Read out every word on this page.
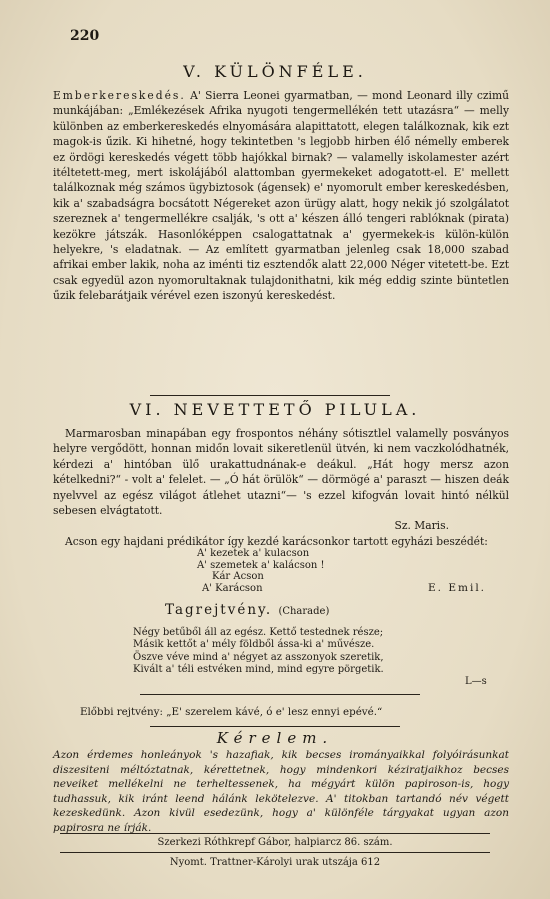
220
V. KÜLÖNFÉLE.

Emberkereskedés. A' Sierra Leonei gyarmatban, — mond Leonard illy czimű munkájában: „Emlékezések Afrika nyugoti tengermellékén tett utazásra“ — melly különben az emberkereskedés elnyomására alapittatott, elegen találkoznak, kik ezt magok-is űzik. Ki hihetné, hogy tekintetben 's legjobb hirben élő némelly emberek ez ördögi kereskedés végett több hajókkal birnak? — valamelly iskolamester azért itéltetett-meg, mert iskolájából alattomban gyermekeket adogatott-el. E' mellett találkoznak még számos ügybiztosok (ágensek) e' nyomorult ember kereskedésben, kik a' szabadságra bocsátott Négereket azon ürügy alatt, hogy nekik jó szolgálatot szereznek a' tengermellékre csalják, 's ott a' készen álló tengeri rablóknak (pirata) kezökre játszák. Hasonlóképpen csalogattatnak a' gyermekek-is külön-külön helyekre, 's eladatnak. — Az említett gyarmatban jelenleg csak 18,000 szabad afrikai ember lakik, noha az iménti tiz esztendők alatt 22,000 Néger vitetett-be. Ezt csak egyedül azon nyomorultaknak tulajdonithatni, kik még eddig szinte büntetlen űzik felebarátjaik vérével ezen iszonyú kereskedést.

VI. NEVETTETŐ PILULA.

Marmarosban minapában egy frospontos néhány sótisztlel valamelly posványos helyre vergődött, honnan midőn lovait sikeretlenül ütvén, ki nem vaczkolódhatnék, kérdezi a' hintóban ülő urakattudnának-e deákul. „Hát hogy mersz azon kételkedni?“ - volt a' felelet. — „Ó hát örülök“ — dörmögé a' paraszt — hiszen deák nyelvvel az egész világot átlehet utazni“— 's ezzel kifogván lovait hintó nélkül sebesen elvágtatott.

Sz. Maris.

Acson egy hajdani prédikátor így kezdé karácsonkor tartott egyházi beszédét:

A' kezetek a' kulacson
A' szemetek a' kalácson !
Kár Acson
A' Karácson	E. Emil.
Tagrejtvény. (Charade)
Négy betűből áll az egész. Kettő testednek része;
Másik kettőt a' mély földből ássa-ki a' művésze.
Öszve véve mind a' négyet az asszonyok szeretik,
Kivált a' téli estvéken mind, mind egyre pörgetik.
L—s
Előbbi rejtvény: „E' szerelem kávé, ó e' lesz ennyi epévé.“
Kérelem.
Azon érdemes honleányok 's hazafiak, kik becses irományaikkal folyóirásunkat diszesiteni méltóztatnak, kérettetnek, hogy mindenkori kéziratjaikhoz becses neveiket mellékelni ne terheltessenek, ha mégyárt külön papiroson-is, hogy tudhassuk, kik iránt leend hálánk lekötelezve. A' titokban tartandó név végett kezeskedünk. Azon kivül esedezünk, hogy a' különféle tárgyakat ugyan azon papirosra ne írják.
Szerkezi Róthkrepf Gábor, halpiarcz 86. szám.
Nyomt. Trattner-Károlyi urak utszája 612
